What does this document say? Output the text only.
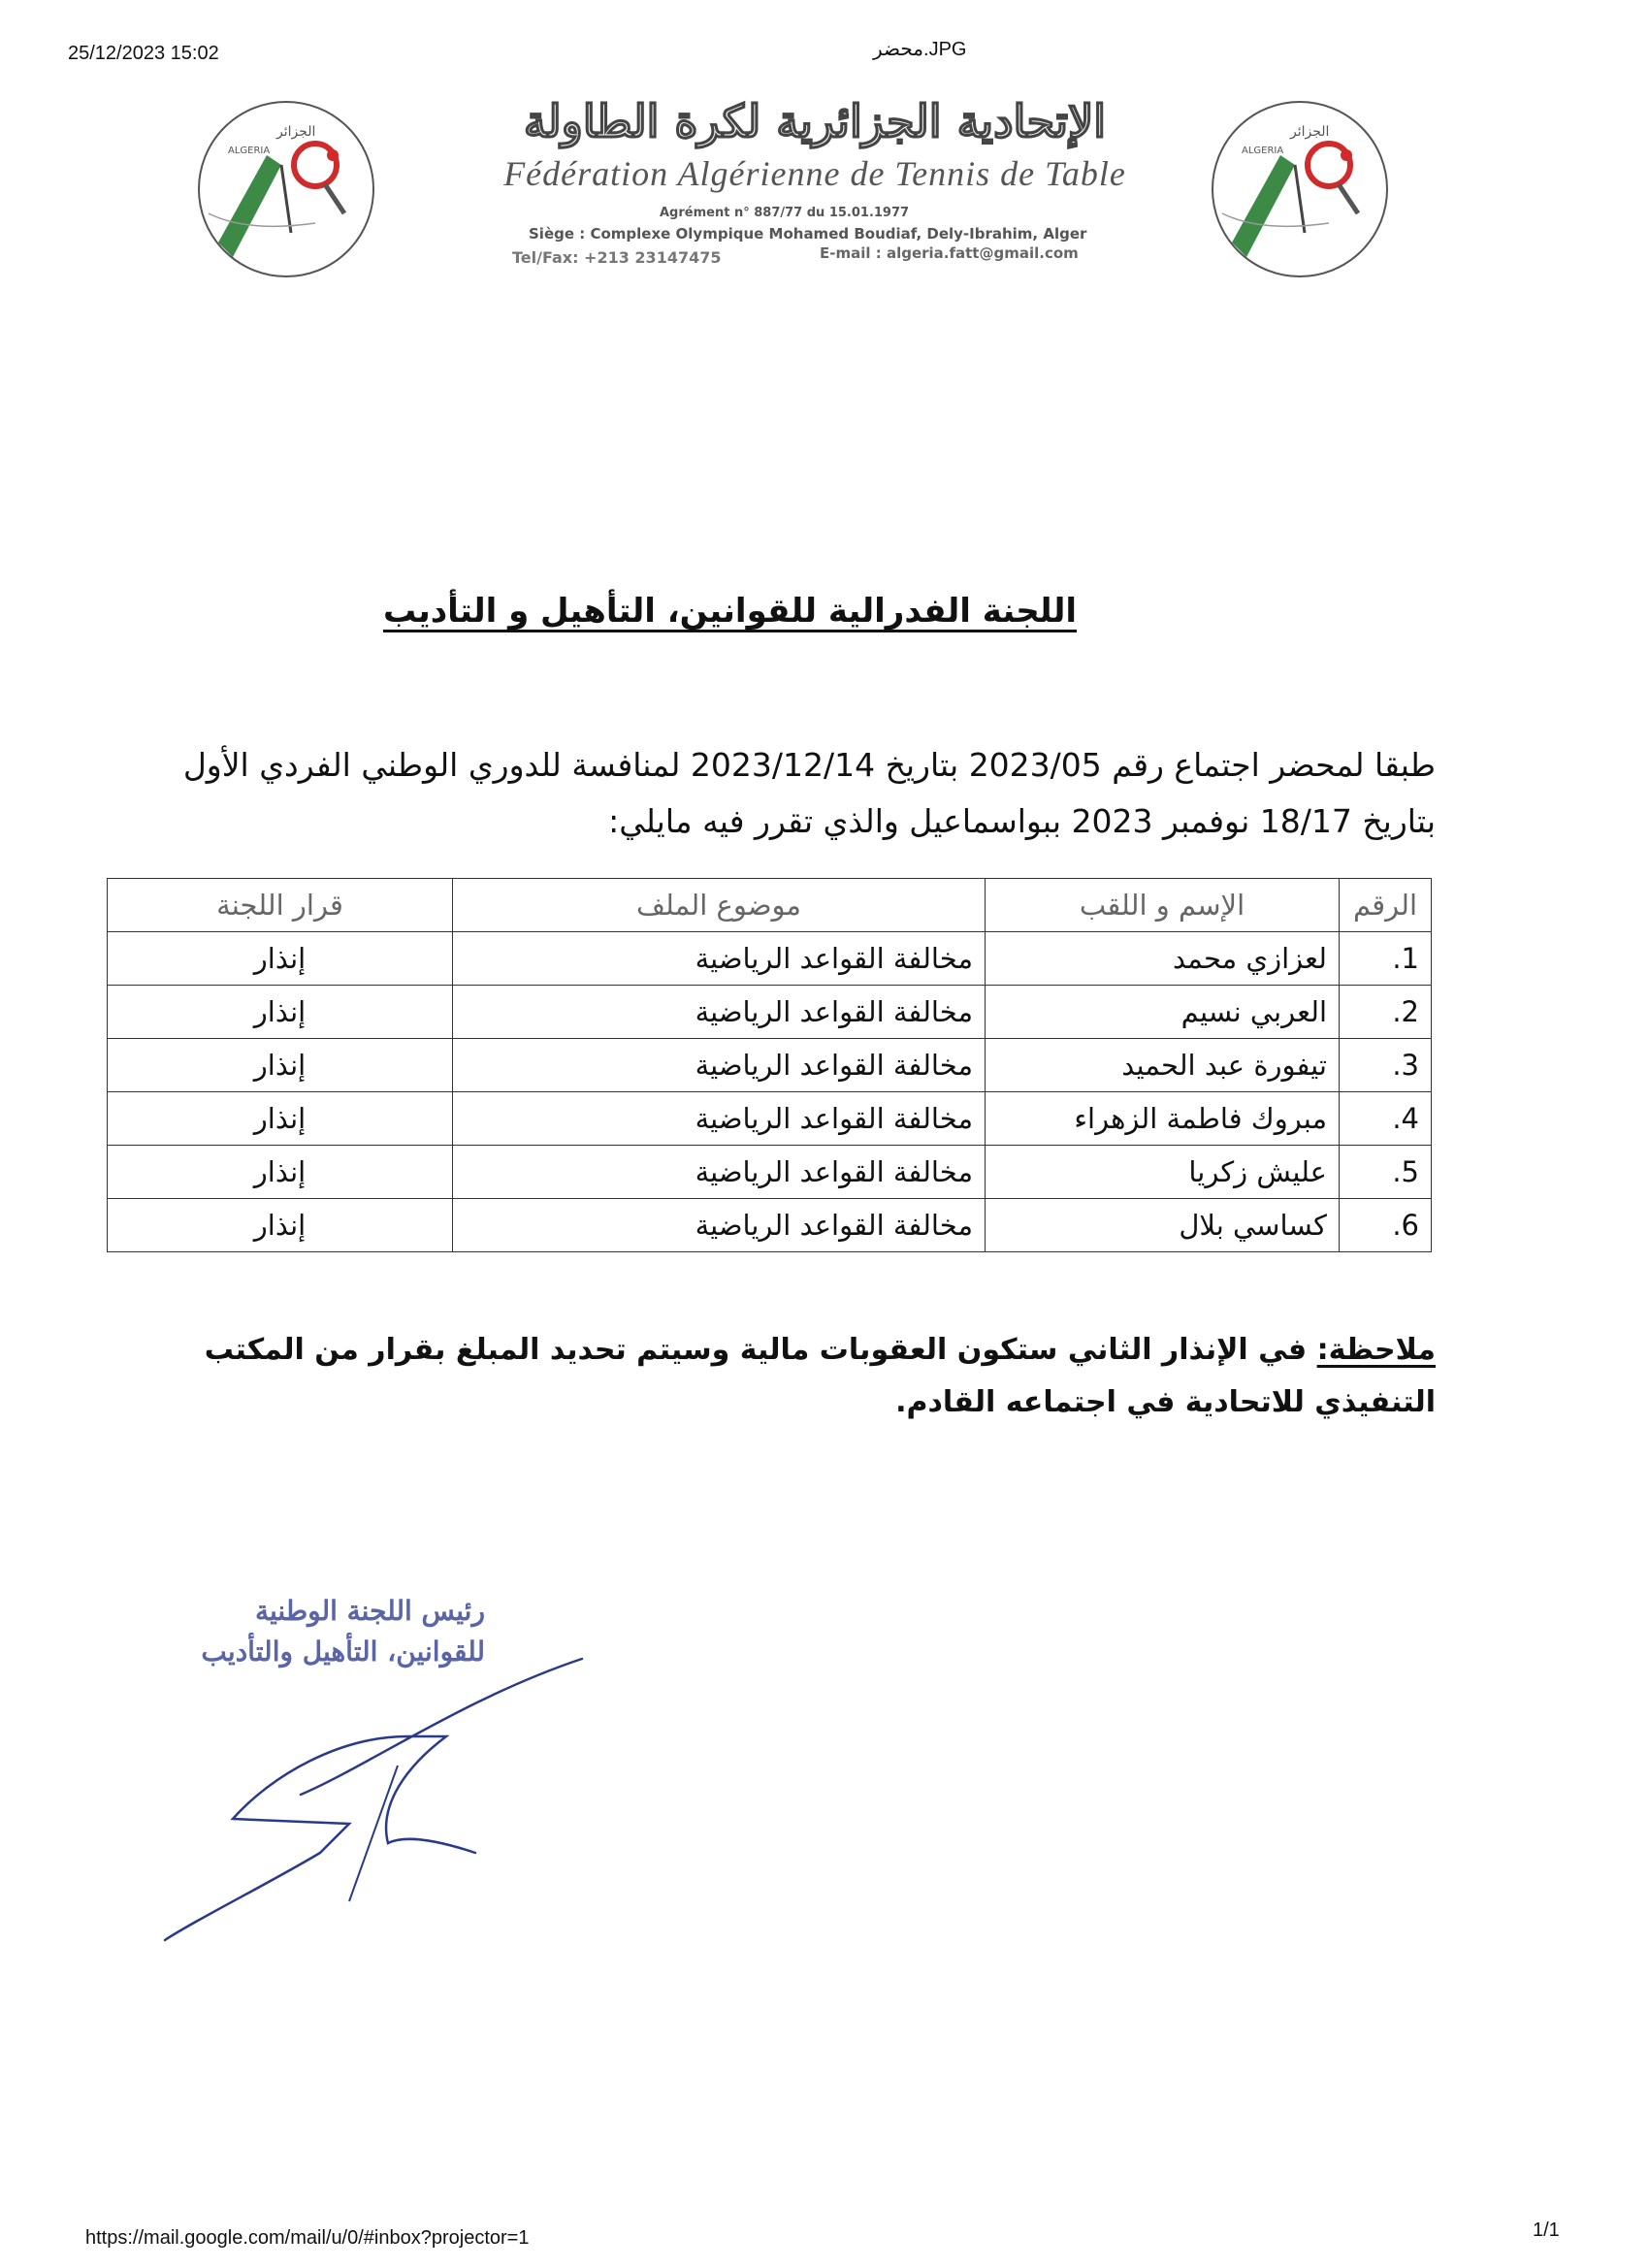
25/12/2023 15:02	محضر.JPG
الجزائر
ALGERIA
الجزائر
ALGERIA
الإتحادية الجزائرية لكرة الطاولة
Fédération Algérienne de Tennis de Table
Agrément n° 887/77 du 15.01.1977
Siège : Complexe Olympique Mohamed Boudiaf, Dely-Ibrahim, Alger
Tel/Fax: +213 23147475	E-mail : algeria.fatt@gmail.com
اللجنة الفدرالية للقوانين، التأهيل و التأديب
طبقا لمحضر اجتماع رقم 2023/05 بتاريخ 2023/12/14 لمنافسة للدوري الوطني الفردي الأول بتاريخ 18/17 نوفمبر 2023 ببواسماعيل والذي تقرر فيه مايلي:
الرقم	الإسم و اللقب	موضوع الملف	قرار اللجنة
1.	لعزازي محمد	مخالفة القواعد الرياضية	إنذار
2.	العربي نسيم	مخالفة القواعد الرياضية	إنذار
3.	تيفورة عبد الحميد	مخالفة القواعد الرياضية	إنذار
4.	مبروك فاطمة الزهراء	مخالفة القواعد الرياضية	إنذار
5.	عليش زكريا	مخالفة القواعد الرياضية	إنذار
6.	كساسي بلال	مخالفة القواعد الرياضية	إنذار
ملاحظة: في الإنذار الثاني ستكون العقوبات مالية وسيتم تحديد المبلغ بقرار من المكتب التنفيذي للاتحادية في اجتماعه القادم.
رئيس اللجنة الوطنية
للقوانين، التأهيل والتأديب
https://mail.google.com/mail/u/0/#inbox?projector=1	1/1
